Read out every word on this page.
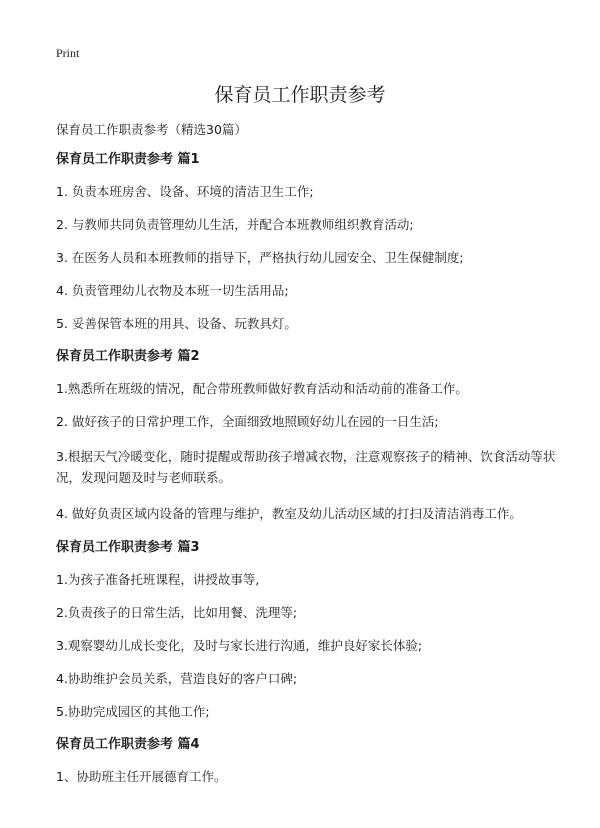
Print
保育员工作职责参考
保育员工作职责参考（精选30篇）
保育员工作职责参考 篇1
1. 负责本班房舍、设备、环境的清洁卫生工作;
2. 与教师共同负责管理幼儿生活，并配合本班教师组织教育活动;
3. 在医务人员和本班教师的指导下，严格执行幼儿园安全、卫生保健制度;
4. 负责管理幼儿衣物及本班一切生活用品;
5. 妥善保管本班的用具、设备、玩教具灯。
保育员工作职责参考 篇2
1.熟悉所在班级的情况，配合带班教师做好教育活动和活动前的准备工作。
2. 做好孩子的日常护理工作，全面细致地照顾好幼儿在园的一日生活;
3.根据天气冷暖变化，随时提醒或帮助孩子增减衣物，注意观察孩子的精神、饮食活动等状况，发现问题及时与老师联系。
4. 做好负责区域内设备的管理与维护，教室及幼儿活动区域的打扫及清洁消毒工作。
保育员工作职责参考 篇3
1.为孩子准备托班课程，讲授故事等,
2.负责孩子的日常生活，比如用餐、洗理等;
3.观察婴幼儿成长变化，及时与家长进行沟通，维护良好家长体验;
4.协助维护会员关系，营造良好的客户口碑;
5.协助完成园区的其他工作;
保育员工作职责参考 篇4
1、协助班主任开展德育工作。
